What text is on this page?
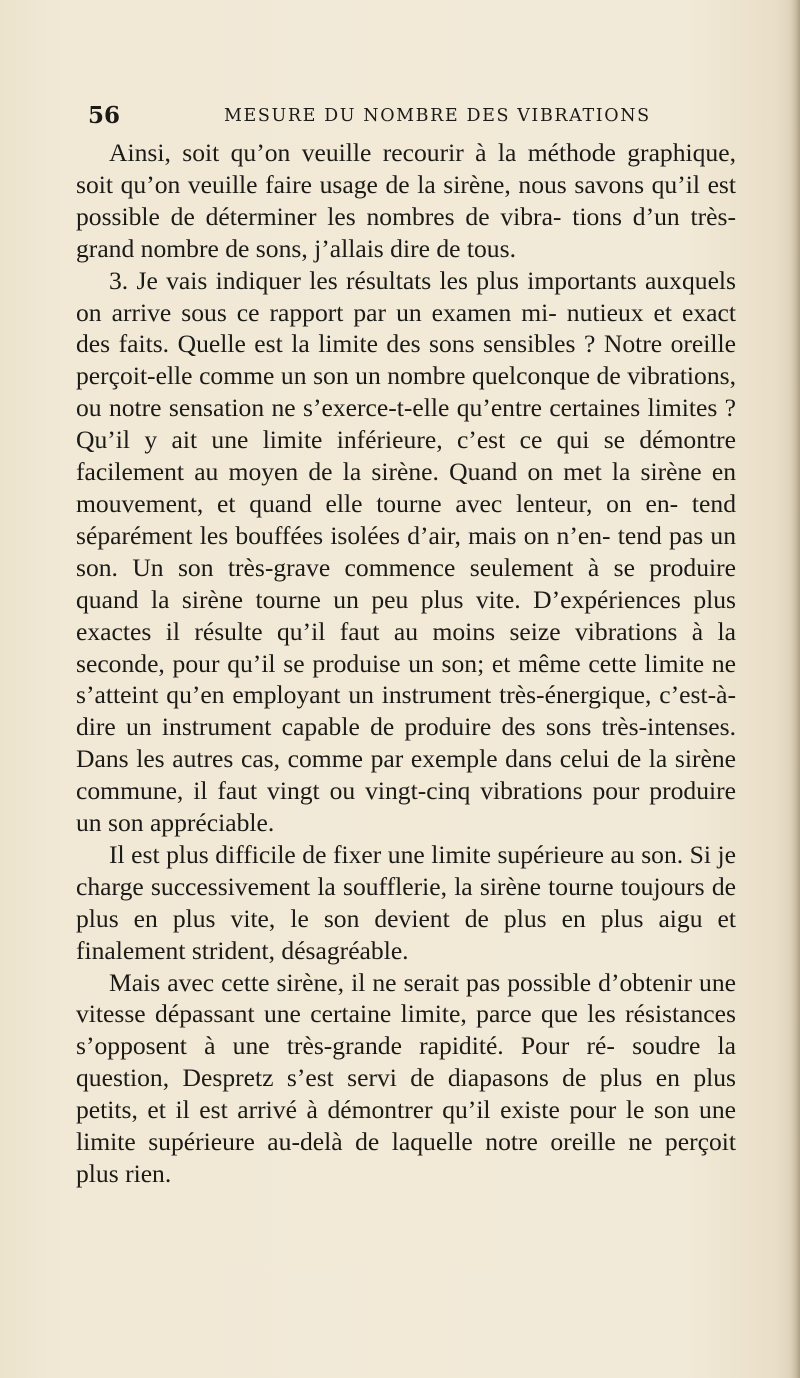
56	MESURE DU NOMBRE DES VIBRATIONS

Ainsi, soit qu’on veuille recourir à la méthode graphique, soit qu’on veuille faire usage de la sirène, nous savons qu’il est possible de déterminer les nombres de vibra- tions d’un très-grand nombre de sons, j’allais dire de tous.

3. Je vais indiquer les résultats les plus importants auxquels on arrive sous ce rapport par un examen mi- nutieux et exact des faits. Quelle est la limite des sons sensibles ? Notre oreille perçoit-elle comme un son un nombre quelconque de vibrations, ou notre sensation ne s’exerce-t-elle qu’entre certaines limites ? Qu’il y ait une limite inférieure, c’est ce qui se démontre facilement au moyen de la sirène. Quand on met la sirène en mouvement, et quand elle tourne avec lenteur, on en- tend séparément les bouffées isolées d’air, mais on n’en- tend pas un son. Un son très-grave commence seulement à se produire quand la sirène tourne un peu plus vite. D’expériences plus exactes il résulte qu’il faut au moins seize vibrations à la seconde, pour qu’il se produise un son; et même cette limite ne s’atteint qu’en employant un instrument très-énergique, c’est-à-dire un instrument capable de produire des sons très-intenses. Dans les autres cas, comme par exemple dans celui de la sirène commune, il faut vingt ou vingt-cinq vibrations pour produire un son appréciable.

Il est plus difficile de fixer une limite supérieure au son. Si je charge successivement la soufflerie, la sirène tourne toujours de plus en plus vite, le son devient de plus en plus aigu et finalement strident, désagréable.

Mais avec cette sirène, il ne serait pas possible d’obtenir une vitesse dépassant une certaine limite, parce que les résistances s’opposent à une très-grande rapidité. Pour ré- soudre la question, Despretz s’est servi de diapasons de plus en plus petits, et il est arrivé à démontrer qu’il existe pour le son une limite supérieure au-delà de laquelle notre oreille ne perçoit plus rien.
